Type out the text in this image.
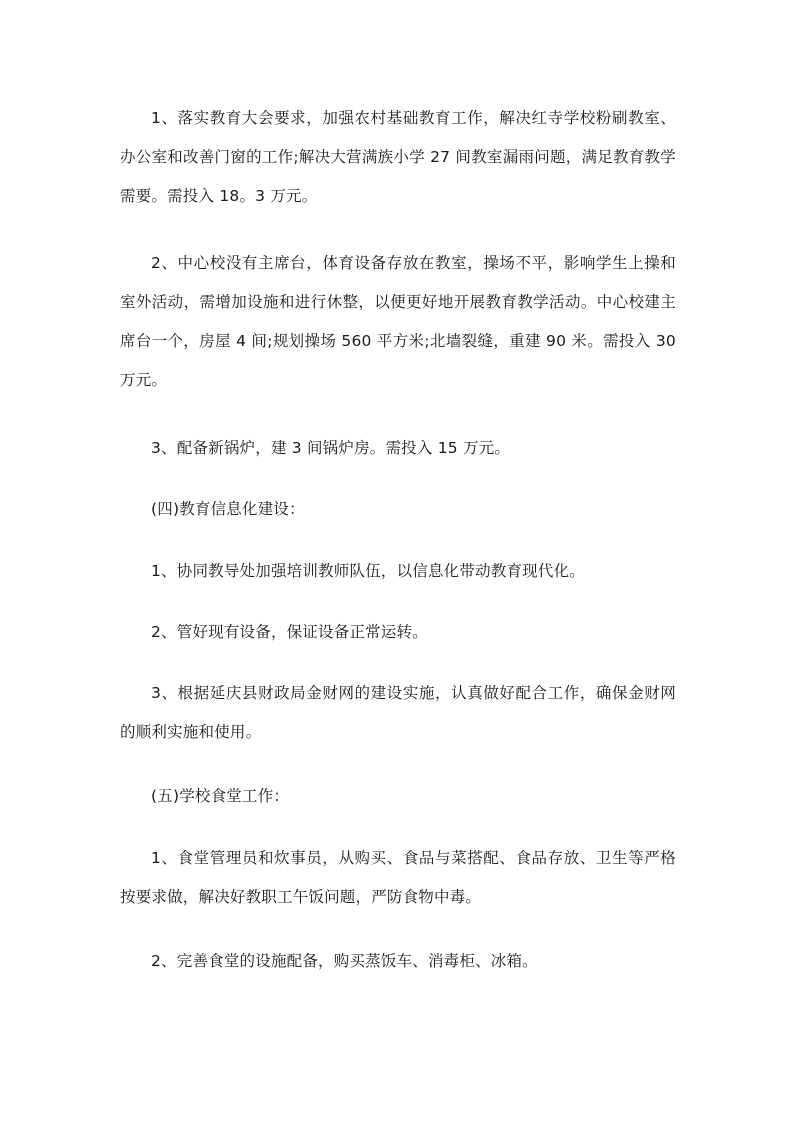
1、落实教育大会要求，加强农村基础教育工作，解决红寺学校粉刷教室、办公室和改善门窗的工作;解决大营满族小学 27 间教室漏雨问题，满足教育教学需要。需投入 18。3 万元。

2、中心校没有主席台，体育设备存放在教室，操场不平，影响学生上操和室外活动，需增加设施和进行休整，以便更好地开展教育教学活动。中心校建主席台一个，房屋 4 间;规划操场 560 平方米;北墙裂缝，重建 90 米。需投入 30 万元。

3、配备新锅炉，建 3 间锅炉房。需投入 15 万元。

(四)教育信息化建设：

1、协同教导处加强培训教师队伍，以信息化带动教育现代化。

2、管好现有设备，保证设备正常运转。

3、根据延庆县财政局金财网的建设实施，认真做好配合工作，确保金财网的顺利实施和使用。

(五)学校食堂工作：

1、食堂管理员和炊事员，从购买、食品与菜搭配、食品存放、卫生等严格按要求做，解决好教职工午饭问题，严防食物中毒。

2、完善食堂的设施配备，购买蒸饭车、消毒柜、冰箱。
